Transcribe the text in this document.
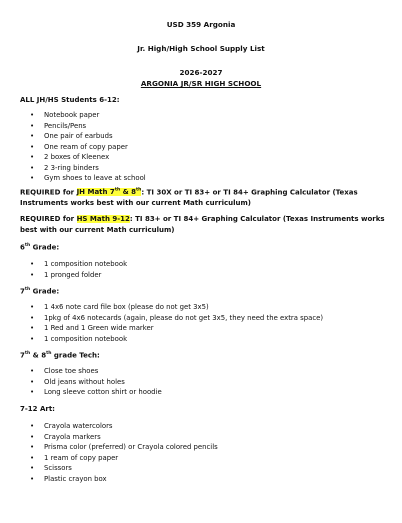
USD 359 Argonia
Jr. High/High School Supply List
2026-2027
ARGONIA JR/SR HIGH SCHOOL
ALL JH/HS Students 6-12:
• Notebook paper
• Pencils/Pens
• One pair of earbuds
• One ream of copy paper
• 2 boxes of Kleenex
• 2 3-ring binders
• Gym shoes to leave at school
REQUIRED for JH Math 7th & 8th: TI 30X or TI 83+ or TI 84+ Graphing Calculator (Texas Instruments works best with our current Math curriculum)
REQUIRED for HS Math 9-12: TI 83+ or TI 84+ Graphing Calculator (Texas Instruments works best with our current Math curriculum)
6th Grade:
• 1 composition notebook
• 1 pronged folder
7th Grade:
• 1 4x6 note card file box (please do not get 3x5)
• 1pkg of 4x6 notecards (again, please do not get 3x5, they need the extra space)
• 1 Red and 1 Green wide marker
• 1 composition notebook
7th & 8th grade Tech:
• Close toe shoes
• Old jeans without holes
• Long sleeve cotton shirt or hoodie
7-12 Art:
• Crayola watercolors
• Crayola markers
• Prisma color (preferred) or Crayola colored pencils
• 1 ream of copy paper
• Scissors
• Plastic crayon box
